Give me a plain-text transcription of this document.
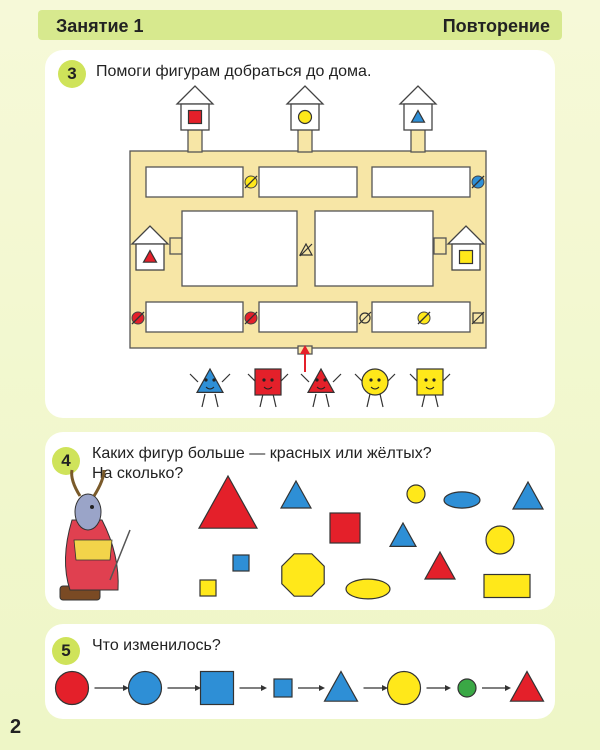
Занятие 1	Повторение
3	Помоги фигурам добраться до дома.
4	Каких фигур больше — красных или жёлтых?
На сколько?
5	Что изменилось?
2
